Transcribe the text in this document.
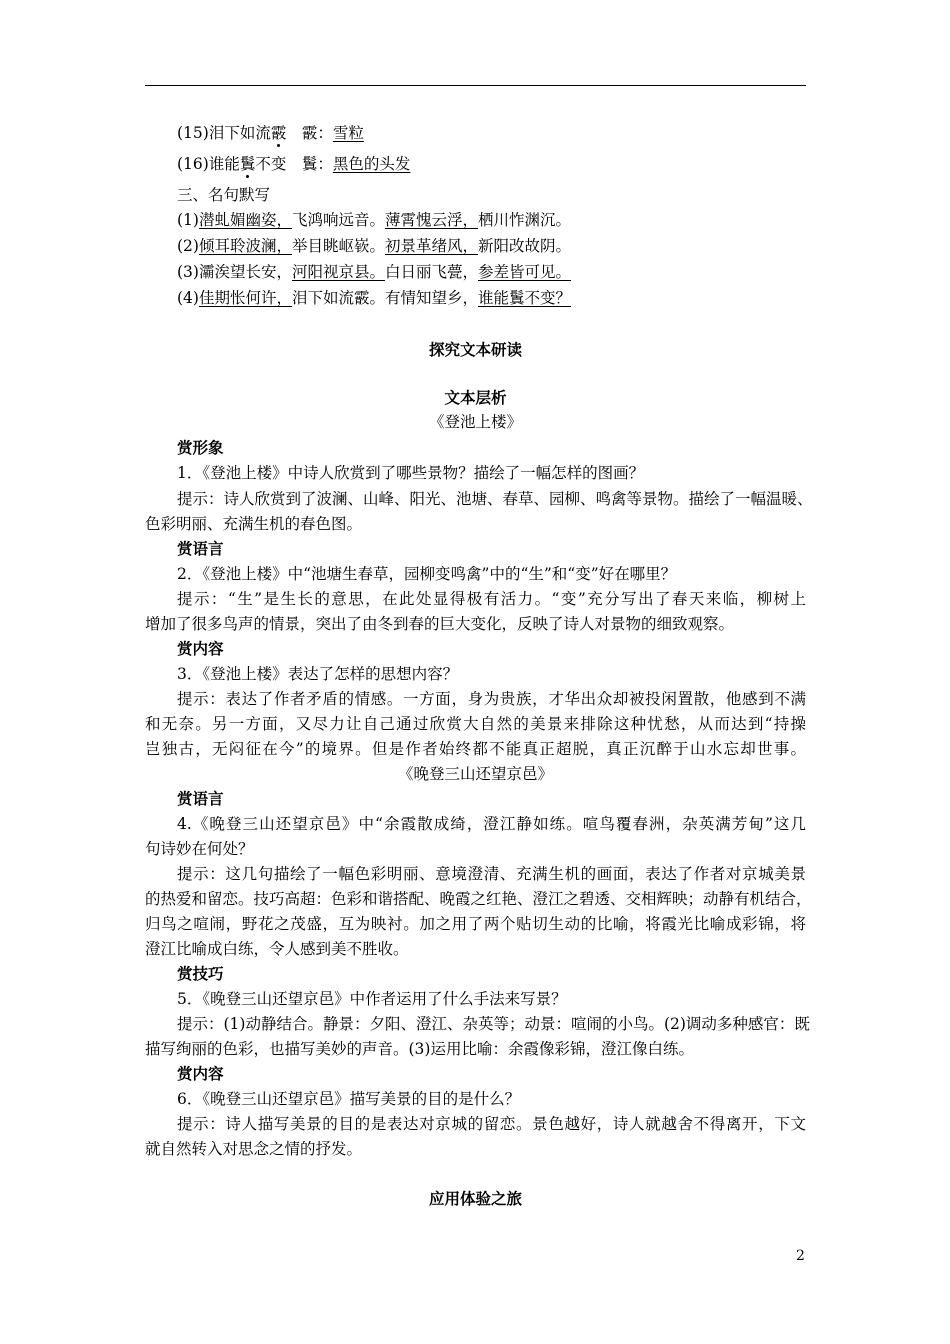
(15)泪下如流霰　霰：雪粒
(16)谁能鬒不变　鬒：黑色的头发
三、名句默写
(1)潜虬媚幽姿，飞鸿响远音。薄霄愧云浮，栖川怍渊沉。
(2)倾耳聆波澜，举目眺岖嵚。初景革绪风，新阳改故阴。
(3)灞涘望长安，河阳视京县。白日丽飞甍，参差皆可见。
(4)佳期怅何许，泪下如流霰。有情知望乡，谁能鬒不变？
探究文本研读
文本层析
《登池上楼》
赏形象
1．《登池上楼》中诗人欣赏到了哪些景物？描绘了一幅怎样的图画？
提示：诗人欣赏到了波澜、山峰、阳光、池塘、春草、园柳、鸣禽等景物。描绘了一幅温暖、
色彩明丽、充满生机的春色图。
赏语言
2．《登池上楼》中“池塘生春草，园柳变鸣禽”中的“生”和“变”好在哪里？
提示：“生”是生长的意思，在此处显得极有活力。“变”充分写出了春天来临，柳树上
增加了很多鸟声的情景，突出了由冬到春的巨大变化，反映了诗人对景物的细致观察。
赏内容
3．《登池上楼》表达了怎样的思想内容？
提示：表达了作者矛盾的情感。一方面，身为贵族，才华出众却被投闲置散，他感到不满
和无奈。另一方面，又尽力让自己通过欣赏大自然的美景来排除这种忧愁，从而达到“持操
岂独古，无闷征在今”的境界。但是作者始终都不能真正超脱，真正沉醉于山水忘却世事。
《晚登三山还望京邑》
赏语言
4.《晚登三山还望京邑》中“余霞散成绮，澄江静如练。喧鸟覆春洲，杂英满芳甸”这几
句诗妙在何处？
提示：这几句描绘了一幅色彩明丽、意境澄清、充满生机的画面，表达了作者对京城美景
的热爱和留恋。技巧高超：色彩和谐搭配、晚霞之红艳、澄江之碧透、交相辉映；动静有机结合，
归鸟之喧闹，野花之茂盛，互为映衬。加之用了两个贴切生动的比喻，将霞光比喻成彩锦，将
澄江比喻成白练，令人感到美不胜收。
赏技巧
5．《晚登三山还望京邑》中作者运用了什么手法来写景？
提示：(1)动静结合。静景：夕阳、澄江、杂英等；动景：喧闹的小鸟。(2)调动多种感官：既
描写绚丽的色彩，也描写美妙的声音。(3)运用比喻：余霞像彩锦，澄江像白练。
赏内容
6．《晚登三山还望京邑》描写美景的目的是什么？
提示：诗人描写美景的目的是表达对京城的留恋。景色越好，诗人就越舍不得离开，下文
就自然转入对思念之情的抒发。
应用体验之旅
2
